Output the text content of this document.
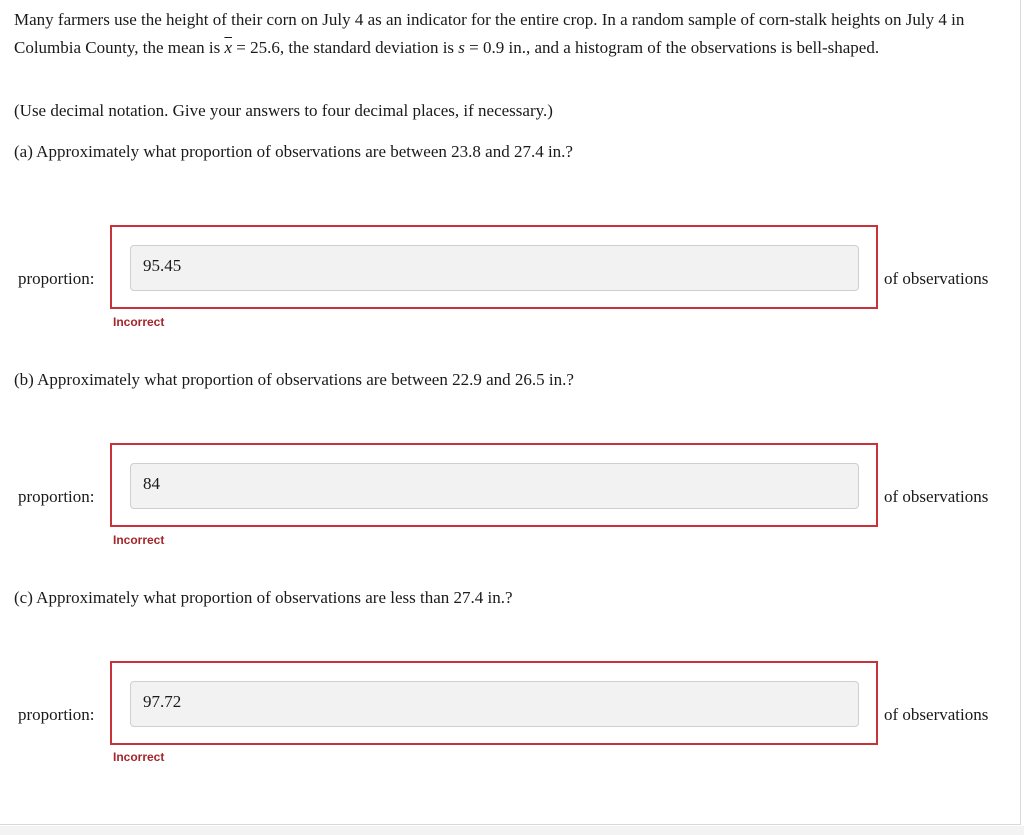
Many farmers use the height of their corn on July 4 as an indicator for the entire crop. In a random sample of corn-stalk heights on July 4 in Columbia County, the mean is $\overline{x} = 25.6$, the standard deviation is s = 0.9 in., and a histogram of the observations is bell-shaped.
(Use decimal notation. Give your answers to four decimal places, if necessary.)
(a) Approximately what proportion of observations are between 23.8 and 27.4 in.?
proportion:
95.45
of observations
Incorrect
(b) Approximately what proportion of observations are between 22.9 and 26.5 in.?
proportion:
84
of observations
Incorrect
(c) Approximately what proportion of observations are less than 27.4 in.?
proportion:
97.72
of observations
Incorrect
